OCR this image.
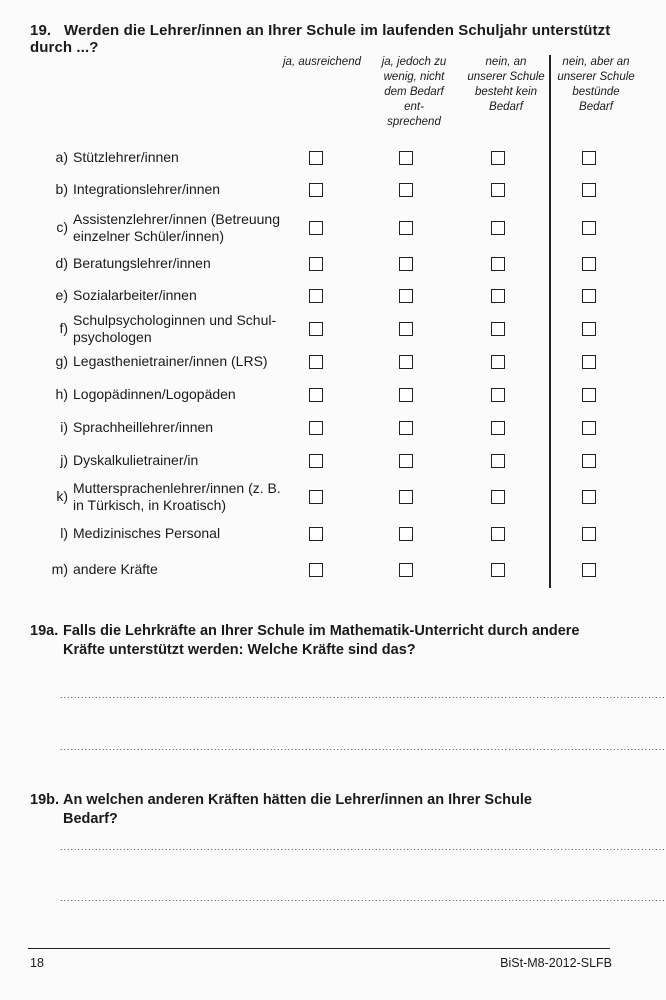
19. Werden die Lehrer/innen an Ihrer Schule im laufenden Schuljahr unterstützt durch ...?
ja, ausreichend	ja, jedoch zu wenig, nicht dem Bedarf ent- sprechend
nein, an unserer Schule besteht kein Bedarf
nein, aber an unserer Schule bestünde Bedarf
a) Stützlehrer/innen
b) Integrationslehrer/innen
c) Assistenzlehrer/innen (Betreuung einzelner Schüler/innen)
d) Beratungslehrer/innen
e) Sozialarbeiter/innen
f) Schulpsychologinnen und Schul- psychologen
g) Legasthenietrainer/innen (LRS)
h) Logopädinnen/Logopäden
i) Sprachheillehrer/innen
j) Dyskalkulietrainer/in
k) Muttersprachenlehrer/innen (z. B. in Türkisch, in Kroatisch)
l) Medizinisches Personal
m) andere Kräfte
19a. Falls die Lehrkräfte an Ihrer Schule im Mathematik-Unterricht durch andere Kräfte unterstützt werden: Welche Kräfte sind das?
.............................................................................................................................................................................
.............................................................................................................................................................................
19b. An welchen anderen Kräften hätten die Lehrer/innen an Ihrer Schule Bedarf?
.............................................................................................................................................................................
.............................................................................................................................................................................
18	BiSt-M8-2012-SLFB
